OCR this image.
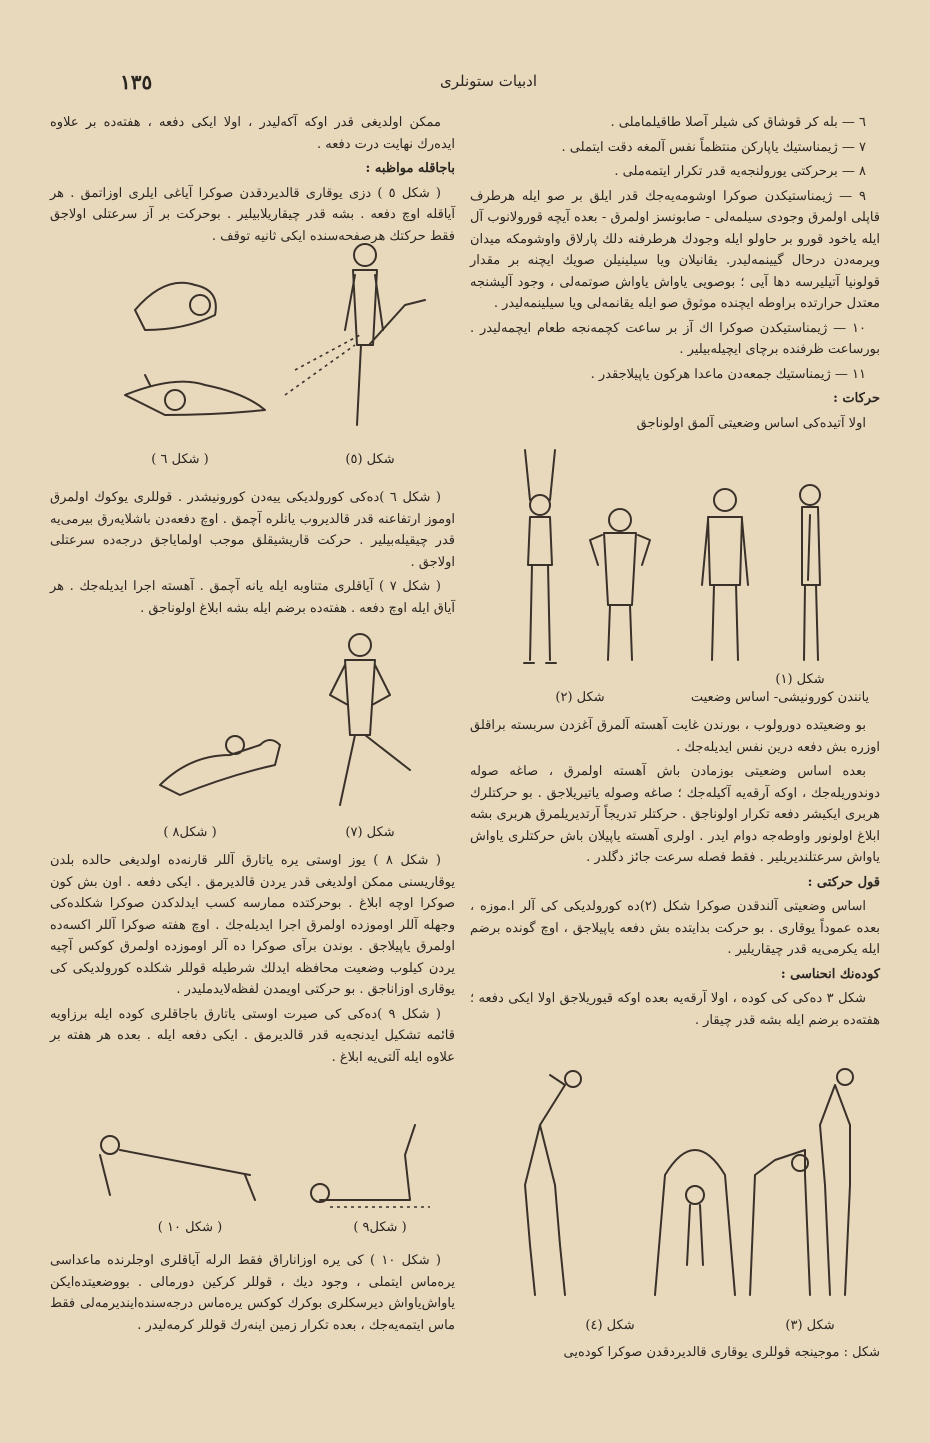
١٣٥	ادبيات ستونلرى

٦ — بله كر قوشاق كى شيلر آصلا طاقيلماملى .

٧ — ژيمناستيك ياپاركن منتظماً نفس آلمغه دقت ايتملى .

٨ — برحركتى يورولنجه‌يه قدر تكرار ايتمه‌ملى .

٩ — ژيمناستيكدن صوكرا اوشومه‌يه‌جك قدر ايلق بر صو ايله هرطرف قاپلى اولمرق وجودى سيلمه‌لى - صابونسز اولمرق - بعده آيچه قورولانوب آل ايله ياخود قورو بر حاولو ايله وجودك هرطرفنه دلك پارلاق واوشومكه ميدان ويرمه‌دن درحال گيينمه‌ليدر. يقانيلان ويا سيلينيلن صويك ايچنه بر مقدار قولونيا آتيليرسه دها آيى ؛ بوصويى ياواش ياواش صوتمه‌لى ، وجود آليشنجه معتدل حرارتده براوطه ايچنده موثوق صو ايله يقانمه‌لى ويا سيلينمه‌ليدر .

١٠ — ژيمناستيكدن صوكرا اك آز بر ساعت كچمه‌نجه طعام ايچمه‌ليدر . بورساعت ظرفنده برچاى ايچيله‌بيلير .

١١ — ژيمناستيك جمعه‌دن ماعدا هركون ياپيلاجقدر .

حركات :

اولا آتيده‌كى اساس وضعيتى آلمق اولوناجق

شكل (١)
يانندن كورونيشى- اساس وضعيت
شكل (٢)

بو وضعيتده دورولوب ، بورندن غايت آهسته آلمرق آغزدن سربسته براقلق اوزره بش دفعه درين نفس ايديله‌جك .

بعده اساس وضعيتى بوزمادن باش آهسته اولمرق ، صاغه صوله دوندوريله‌جك ، اوكه آرقه‌يه آكيله‌جك ؛ صاغه وصوله ياتيريلاجق . بو حركتلرك هربرى ايكيشر دفعه تكرار اولوناجق . حركتلر تدريجاً آرتديريلمرق هربرى بشه ابلاغ اولونور واوطه‌جه دوام ايدر . اولرى آهسته ياپيلان باش حركتلرى ياواش ياواش سرعتلنديريلير . فقط فصله سرعت جائز دگلدر .

قول حركتى :

اساس وضعيتى آلندقدن صوكرا شكل (٢)ده كورولديكى كى آلر ا.موزه ، بعده عموداً يوقارى . بو حركت بدايتده بش دفعه ياپيلاجق ، اوچ گونده برضم ايله يكرمى‌يه قدر چيقاريلير .

كوده‌نك انحناسى :

شكل ٣ ده‌كى كى كوده ، اولا آرقه‌يه بعده اوكه قيوريلاجق اولا ايكى دفعه ؛ هفته‌ده برضم ايله بشه قدر چيقار .

شكل (٤)	شكل (٣)
شكل : موجينجه قوللرى يوقارى قالديردقدن صوكرا كوده‌يى

ممكن اولديغى قدر اوكه آكه‌ليدر ، اولا ايكى دفعه ، هفته‌ده بر علاوه ايده‌رك نهايت درت دفعه .

باجاقله مواظبه :

( شكل ٥ ) دزى يوقارى قالديردقدن صوكرا آياغى ايلرى اوزاتمق . هر آياقله اوچ دفعه . بشه قدر چيقاريلابيلير . بوحركت بر آز سرعتلى اولاجق فقط حركتك هرصفحه‌سنده ايكى ثانيه توقف .

( شكل ٦ )	شكل (٥)

( شكل ٦ )ده‌كى كورولديكى ييه‌دن كورونيشدر . قوللرى يوكوك اولمرق اوموز ارتفاعنه قدر قالديروب يانلره آچمق . اوچ دفعه‌دن باشلايه‌رق بيرمى‌يه قدر چيقيله‌بيلير . حركت قاريشيقلق موجب اولماياجق درجه‌ده سرعتلى اولاجق .

( شكل ٧ ) آياقلرى متناوبه ايله يانه آچمق . آهسته اجرا ايديله‌جك . هر آياق ايله اوچ دفعه . هفته‌ده برضم ايله بشه ابلاغ اولوناجق .

( شكل٨ )	شكل (٧)

( شكل ٨ ) يوز اوستى يره ياتارق آللر قارنه‌ده اولديغى حالده بلدن يوقاريسنى ممكن اولديغى قدر يردن قالديرمق . ايكى دفعه . اون بش كون صوكرا اوچه ابلاغ . بوحركتده ممارسه كسب ايدلدكدن صوكرا شكلده‌كى وجهله آللر اوموزده اولمرق اجرا ايديله‌جك . اوچ هفته صوكرا آللر اكسه‌ده اولمرق ياپيلاجق . بوندن برآى صوكرا ده آلر اوموزده اولمرق كوكس آچيه يردن كيلوب وضعيت محافظه ايدلك شرطيله قوللر شكلده كورولديكى كى يوقارى اوزاناجق . بو حركتى اويمدن لفظه‌لايدمليدر .

( شكل ٩ )ده‌كى كى صيرت اوستى ياتارق باجاقلرى كوده ايله برزاويه قائمه تشكيل ايدنجه‌يه قدر قالديرمق . ايكى دفعه ايله . بعده هر هفته بر علاوه ايله آلتى‌يه ابلاغ .

( شكل ١٠ )	( شكل٩ )

( شكل ١٠ ) كى يره اوزاناراق فقط الرله آياقلرى اوجلرنده ماعداسى يره‌ماس ايتملى ، وجود ديك ، قوللر كركين دورمالى . بووضعيتده‌ايكن ياواش‌ياواش ديرسكلرى بوكرك كوكس يره‌ماس درجه‌سنده‌اينديرمه‌لى فقط ماس ايتمه‌يه‌جك ، بعده تكرار زمين اينه‌رك قوللر كرمه‌ليدر .
